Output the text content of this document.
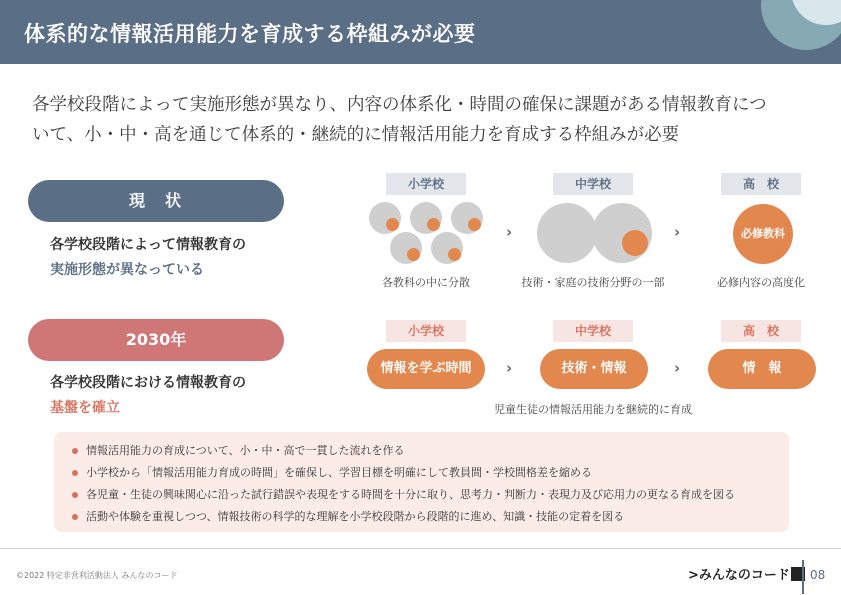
体系的な情報活用能力を育成する枠組みが必要
各学校段階によって実施形態が異なり、内容の体系化・時間の確保に課題がある情報教育につ
いて、小・中・高を通じて体系的・継続的に情報活用能力を育成する枠組みが必要
現　状
各学校段階によって情報教育の
実施形態が異なっている
小学校	中学校	高　校
必修教科
›	›
各教科の中に分散	技術・家庭の技術分野の一部	必修内容の高度化
2030年
各学校段階における情報教育の
基盤を確立
小学校	中学校	高　校
情報を学ぶ時間	技術・情報	情　報
›	›
児童生徒の情報活用能力を継続的に育成
情報活用能力の育成について、小・中・高で一貫した流れを作る
小学校から「情報活用能力育成の時間」を確保し、学習目標を明確にして教員間・学校間格差を縮める
各児童・生徒の興味関心に沿った試行錯誤や表現をする時間を十分に取り、思考力・判断力・表現力及び応用力の更なる育成を図る
活動や体験を重視しつつ、情報技術の科学的な理解を小学校段階から段階的に進め、知識・技能の定着を図る
©2022 特定非営利活動法人 みんなのコード	>みんなのコード	08
